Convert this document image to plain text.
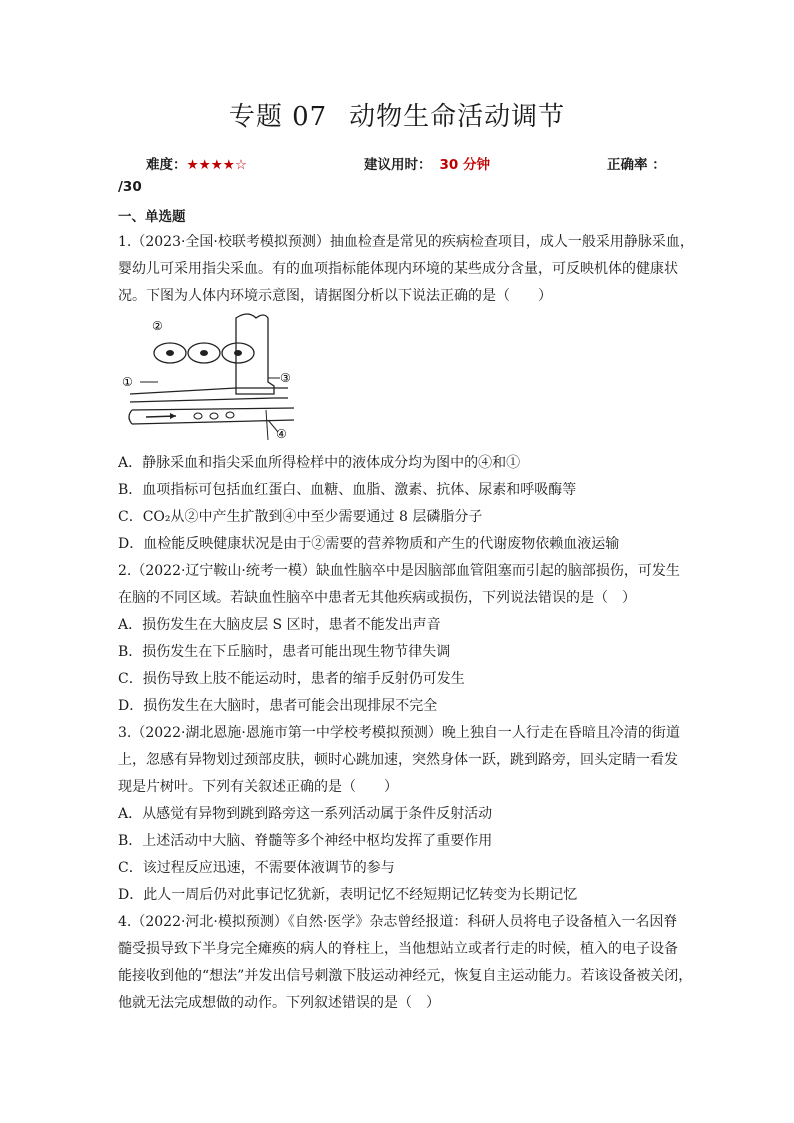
专题 07 动物生命活动调节
难度：★★★★☆	建议用时： 30 分钟	正确率 ：
/30
一、单选题
1.（2023·全国·校联考模拟预测）抽血检查是常见的疾病检查项目，成人一般采用静脉采血，
婴幼儿可采用指尖采血。有的血项指标能体现内环境的某些成分含量，可反映机体的健康状
况。下图为人体内环境示意图，请据图分析以下说法正确的是（　　）
②
①	③
④
A．静脉采血和指尖采血所得检样中的液体成分均为图中的④和①
B．血项指标可包括血红蛋白、血糖、血脂、激素、抗体、尿素和呼吸酶等
C．CO₂从②中产生扩散到④中至少需要通过 8 层磷脂分子
D．血检能反映健康状况是由于②需要的营养物质和产生的代谢废物依赖血液运输
2.（2022·辽宁鞍山·统考一模）缺血性脑卒中是因脑部血管阻塞而引起的脑部损伤，可发生
在脑的不同区域。若缺血性脑卒中患者无其他疾病或损伤，下列说法错误的是（　）
A．损伤发生在大脑皮层 S 区时，患者不能发出声音
B．损伤发生在下丘脑时，患者可能出现生物节律失调
C．损伤导致上肢不能运动时，患者的缩手反射仍可发生
D．损伤发生在大脑时，患者可能会出现排尿不完全
3.（2022·湖北恩施·恩施市第一中学校考模拟预测）晚上独自一人行走在昏暗且冷清的街道
上，忽感有异物划过颈部皮肤，顿时心跳加速，突然身体一跃，跳到路旁，回头定睛一看发
现是片树叶。下列有关叙述正确的是（　　）
A．从感觉有异物到跳到路旁这一系列活动属于条件反射活动
B．上述活动中大脑、脊髓等多个神经中枢均发挥了重要作用
C．该过程反应迅速，不需要体液调节的参与
D．此人一周后仍对此事记忆犹新，表明记忆不经短期记忆转变为长期记忆
4.（2022·河北·模拟预测）《自然·医学》杂志曾经报道：科研人员将电子设备植入一名因脊
髓受损导致下半身完全瘫痪的病人的脊柱上，当他想站立或者行走的时候，植入的电子设备
能接收到他的“想法”并发出信号刺激下肢运动神经元，恢复自主运动能力。若该设备被关闭，
他就无法完成想做的动作。下列叙述错误的是（　）
